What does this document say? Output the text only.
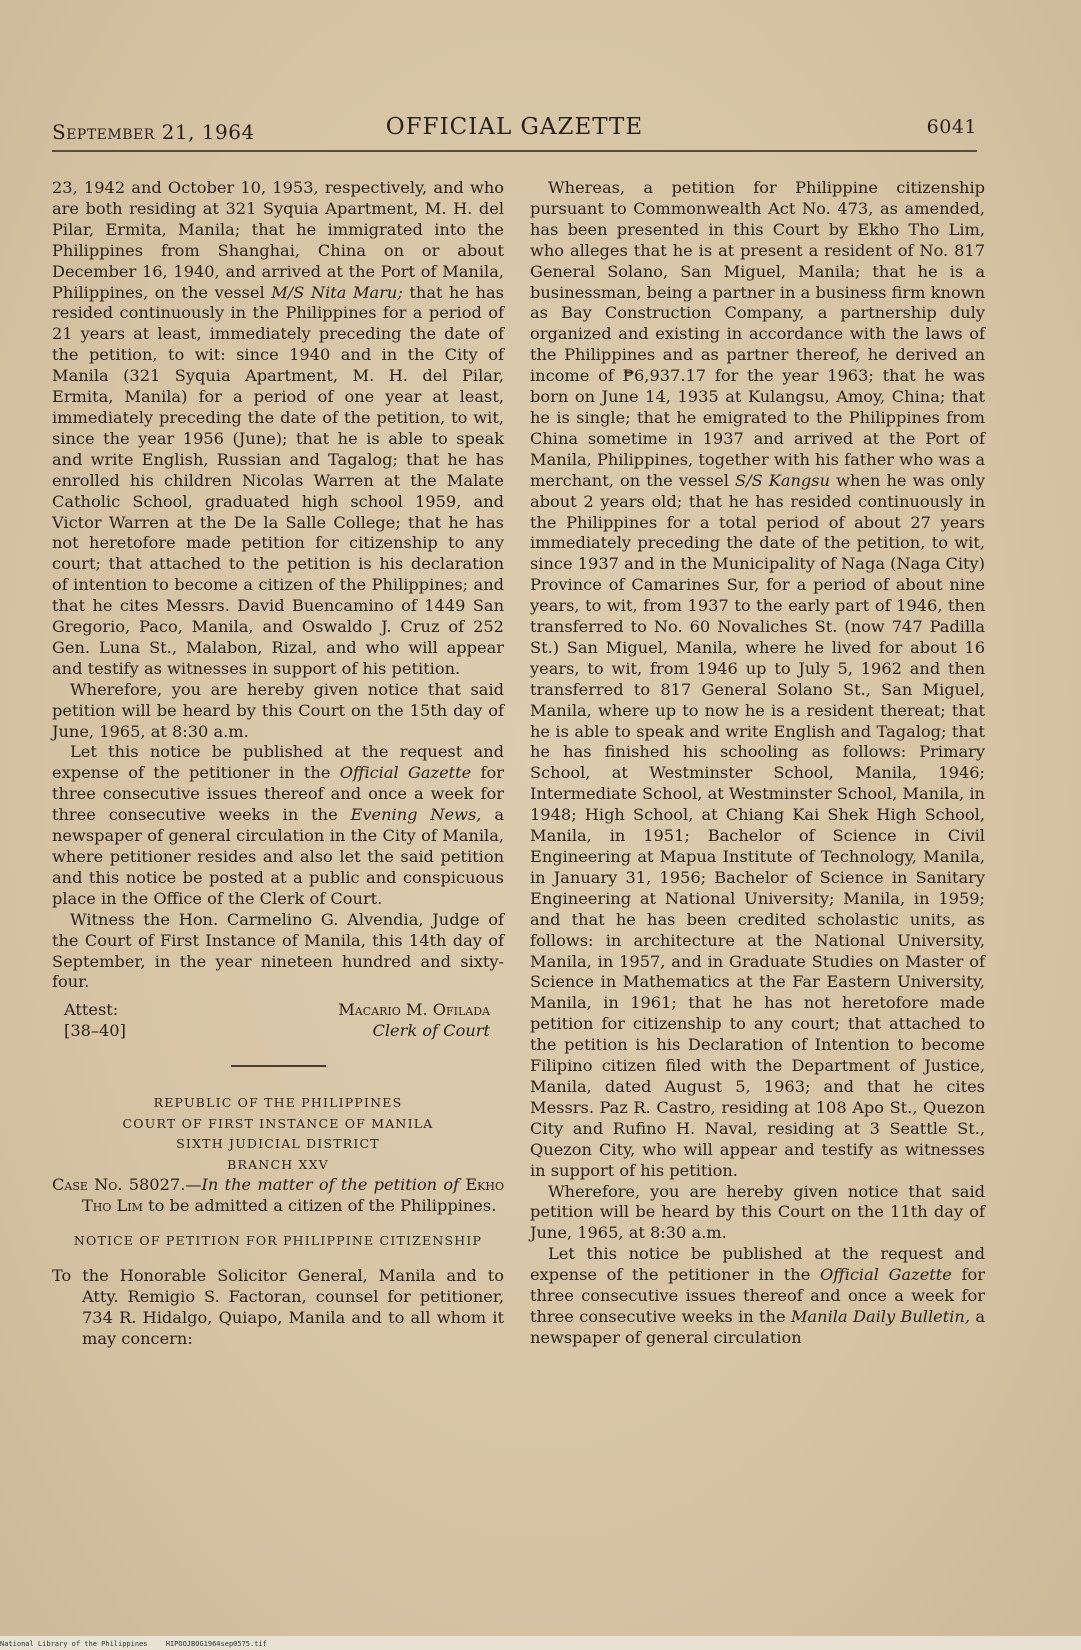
September 21, 1964	OFFICIAL GAZETTE	6041

23, 1942 and October 10, 1953, respectively, and who are both residing at 321 Syquia Apartment, M. H. del Pilar, Ermita, Manila; that he immigrated into the Philippines from Shanghai, China on or about December 16, 1940, and arrived at the Port of Manila, Philippines, on the vessel M/S Nita Maru; that he has resided continuously in the Philippines for a period of 21 years at least, immediately preceding the date of the petition, to wit: since 1940 and in the City of Manila (321 Syquia Apartment, M. H. del Pilar, Ermita, Manila) for a period of one year at least, immediately preceding the date of the petition, to wit, since the year 1956 (June); that he is able to speak and write English, Russian and Tagalog; that he has enrolled his children Nicolas Warren at the Malate Catholic School, graduated high school 1959, and Victor Warren at the De la Salle College; that he has not heretofore made petition for citizenship to any court; that attached to the petition is his declaration of intention to become a citizen of the Philippines; and that he cites Messrs. David Buencamino of 1449 San Gregorio, Paco, Manila, and Oswaldo J. Cruz of 252 Gen. Luna St., Malabon, Rizal, and who will appear and testify as witnesses in support of his petition.

Wherefore, you are hereby given notice that said petition will be heard by this Court on the 15th day of June, 1965, at 8:30 a.m.

Let this notice be published at the request and expense of the petitioner in the Official Gazette for three consecutive issues thereof and once a week for three consecutive weeks in the Evening News, a newspaper of general circulation in the City of Manila, where petitioner resides and also let the said petition and this notice be posted at a public and conspicuous place in the Office of the Clerk of Court.

Witness the Hon. Carmelino G. Alvendia, Judge of the Court of First Instance of Manila, this 14th day of September, in the year nineteen hundred and sixty-four.

Attest:
[38–40]
Macario M. Ofilada
Clerk of Court
REPUBLIC OF THE PHILIPPINES
COURT OF FIRST INSTANCE OF MANILA
SIXTH JUDICIAL DISTRICT
BRANCH XXV

Case No. 58027.—In the matter of the petition of Ekho Tho Lim to be admitted a citizen of the Philippines.

NOTICE OF PETITION FOR PHILIPPINE CITIZENSHIP

To the Honorable Solicitor General, Manila and to Atty. Remigio S. Factoran, counsel for petitioner, 734 R. Hidalgo, Quiapo, Manila and to all whom it may concern:

Whereas, a petition for Philippine citizenship pursuant to Commonwealth Act No. 473, as amended, has been presented in this Court by Ekho Tho Lim, who alleges that he is at present a resident of No. 817 General Solano, San Miguel, Manila; that he is a businessman, being a partner in a business firm known as Bay Construction Company, a partnership duly organized and existing in accordance with the laws of the Philippines and as partner thereof, he derived an income of ₱6,937.17 for the year 1963; that he was born on June 14, 1935 at Kulangsu, Amoy, China; that he is single; that he emigrated to the Philippines from China sometime in 1937 and arrived at the Port of Manila, Philippines, together with his father who was a merchant, on the vessel S/S Kangsu when he was only about 2 years old; that he has resided continuously in the Philippines for a total period of about 27 years immediately preceding the date of the petition, to wit, since 1937 and in the Municipality of Naga (Naga City) Province of Camarines Sur, for a period of about nine years, to wit, from 1937 to the early part of 1946, then transferred to No. 60 Novaliches St. (now 747 Padilla St.) San Miguel, Manila, where he lived for about 16 years, to wit, from 1946 up to July 5, 1962 and then transferred to 817 General Solano St., San Miguel, Manila, where up to now he is a resident thereat; that he is able to speak and write English and Tagalog; that he has finished his schooling as follows: Primary School, at Westminster School, Manila, 1946; Intermediate School, at Westminster School, Manila, in 1948; High School, at Chiang Kai Shek High School, Manila, in 1951; Bachelor of Science in Civil Engineering at Mapua Institute of Technology, Manila, in January 31, 1956; Bachelor of Science in Sanitary Engineering at National University; Manila, in 1959; and that he has been credited scholastic units, as follows: in architecture at the National University, Manila, in 1957, and in Graduate Studies on Master of Science in Mathematics at the Far Eastern University, Manila, in 1961; that he has not heretofore made petition for citizenship to any court; that attached to the petition is his Declaration of Intention to become Filipino citizen filed with the Department of Justice, Manila, dated August 5, 1963; and that he cites Messrs. Paz R. Castro, residing at 108 Apo St., Quezon City and Rufino H. Naval, residing at 3 Seattle St., Quezon City, who will appear and testify as witnesses in support of his petition.

Wherefore, you are hereby given notice that said petition will be heard by this Court on the 11th day of June, 1965, at 8:30 a.m.

Let this notice be published at the request and expense of the petitioner in the Official Gazette for three consecutive issues thereof and once a week for three consecutive weeks in the Manila Daily Bulletin, a newspaper of general circulation

National Library of the Philippines	HIPOOJBOG1964sep0575.tif
